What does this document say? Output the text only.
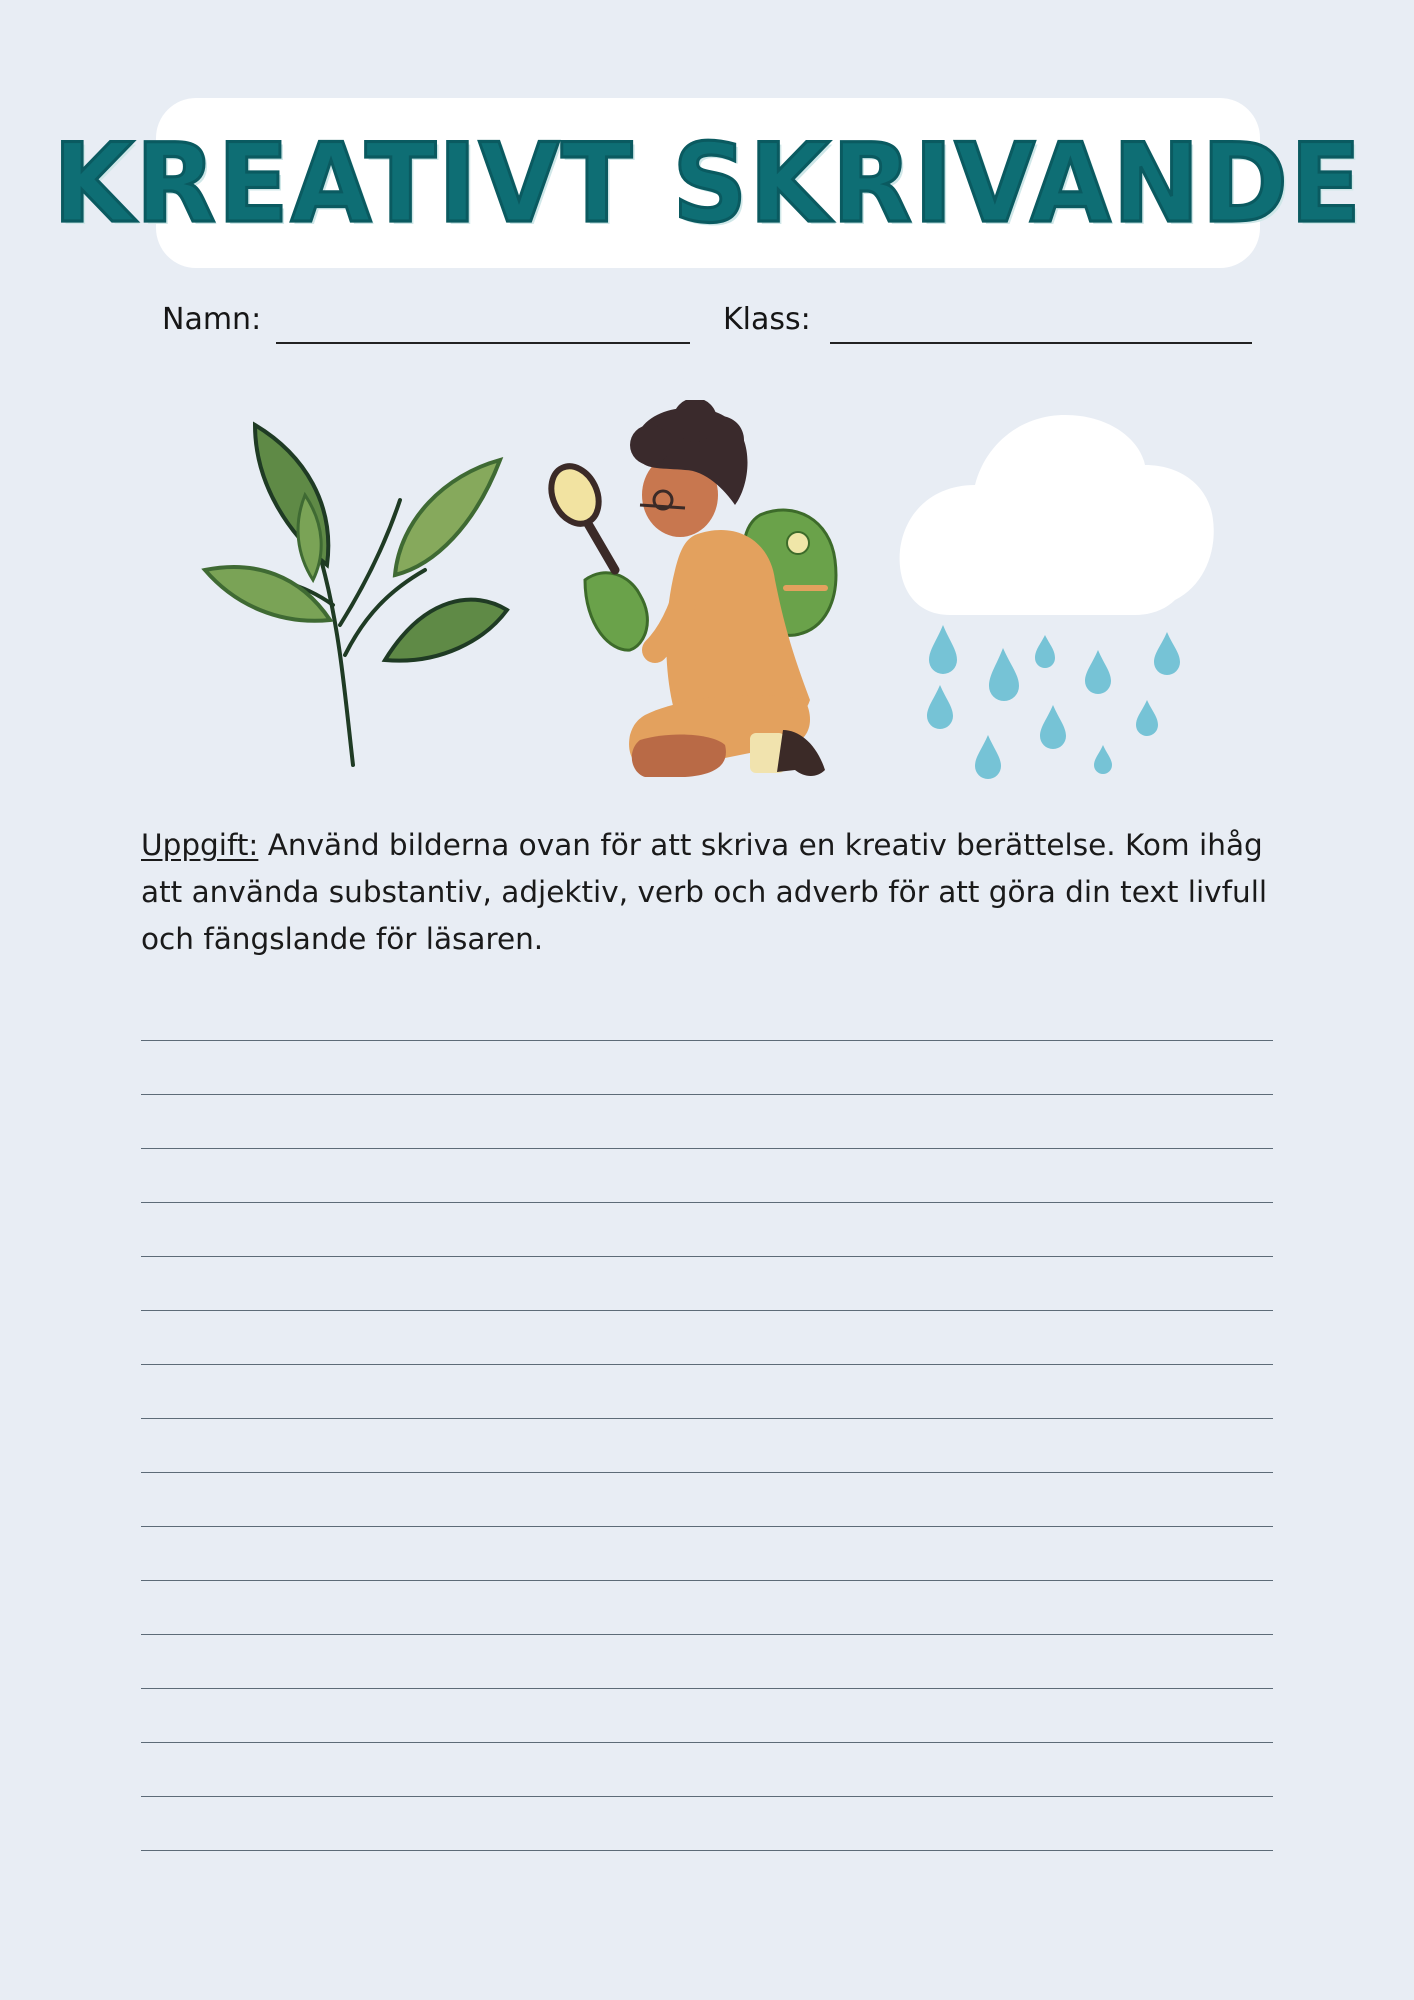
KREATIVT SKRIVANDE
Namn:	Klass:
Uppgift: Använd bilderna ovan för att skriva en kreativ berättelse. Kom ihåg att använda substantiv, adjektiv, verb och adverb för att göra din text livfull och fängslande för läsaren.
